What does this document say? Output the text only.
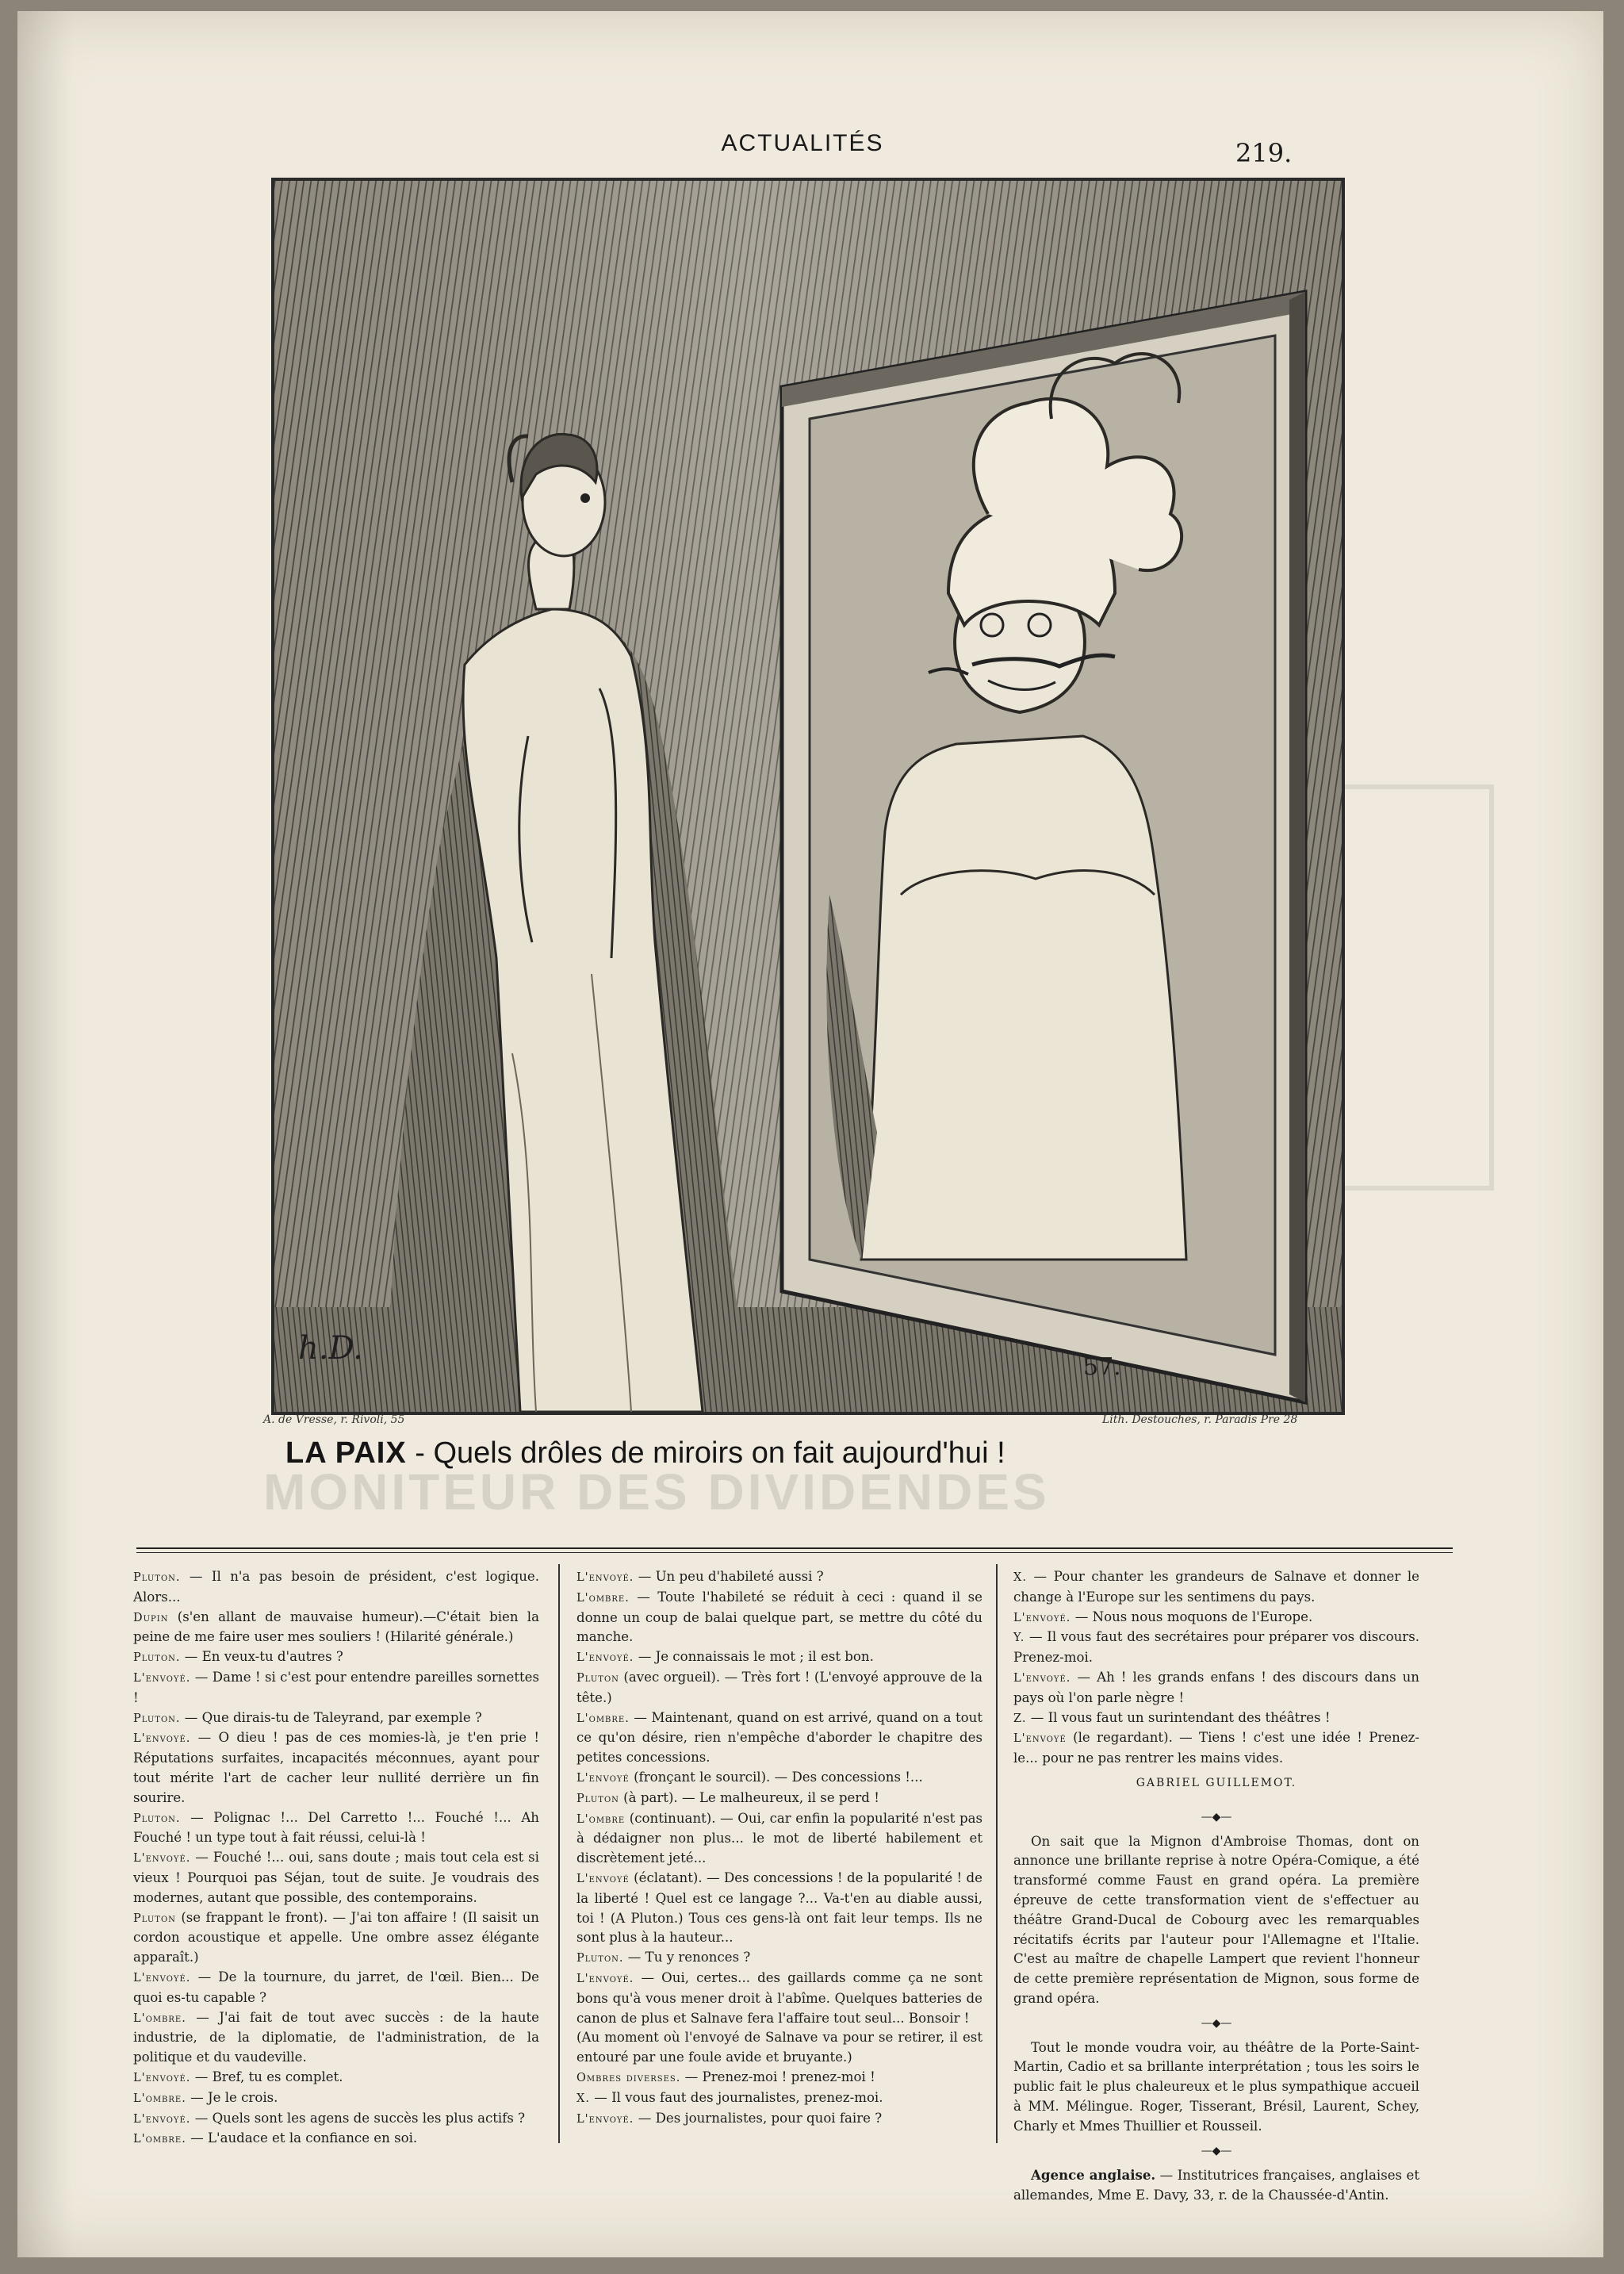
MONITEUR DES DIVIDENDES
ACTUALITÉS	219.
57.
h.D.
A. de Vresse, r. Rivoli, 55	Lith. Destouches, r. Paradis Pre 28
LA PAIX - Quels drôles de miroirs on fait aujourd'hui !
Pluton. — Il n'a pas besoin de président, c'est logique. Alors...
Dupin (s'en allant de mauvaise humeur).—C'était bien la peine de me faire user mes souliers ! (Hilarité générale.)
Pluton. — En veux-tu d'autres ?
L'envoyé. — Dame ! si c'est pour entendre pareilles sornettes !
Pluton. — Que dirais-tu de Taleyrand, par exemple ?
L'envoyé. — O dieu ! pas de ces momies-là, je t'en prie ! Réputations surfaites, incapacités méconnues, ayant pour tout mérite l'art de cacher leur nullité derrière un fin sourire.
Pluton. — Polignac !... Del Carretto !... Fouché !... Ah Fouché ! un type tout à fait réussi, celui-là !
L'envoyé. — Fouché !... oui, sans doute ; mais tout cela est si vieux ! Pourquoi pas Séjan, tout de suite. Je voudrais des modernes, autant que possible, des contemporains.
Pluton (se frappant le front). — J'ai ton affaire ! (Il saisit un cordon acoustique et appelle. Une ombre assez élégante apparaît.)
L'envoyé. — De la tournure, du jarret, de l'œil. Bien... De quoi es-tu capable ?
L'ombre. — J'ai fait de tout avec succès : de la haute industrie, de la diplomatie, de l'administration, de la politique et du vaudeville.
L'envoyé. — Bref, tu es complet.
L'ombre. — Je le crois.
L'envoyé. — Quels sont les agens de succès les plus actifs ?
L'ombre. — L'audace et la confiance en soi.
L'envoyé. — Un peu d'habileté aussi ?
L'ombre. — Toute l'habileté se réduit à ceci : quand il se donne un coup de balai quelque part, se mettre du côté du manche.
L'envoyé. — Je connaissais le mot ; il est bon.
Pluton (avec orgueil). — Très fort ! (L'envoyé approuve de la tête.)
L'ombre. — Maintenant, quand on est arrivé, quand on a tout ce qu'on désire, rien n'empêche d'aborder le chapitre des petites concessions.
L'envoyé (fronçant le sourcil). — Des concessions !...
Pluton (à part). — Le malheureux, il se perd !
L'ombre (continuant). — Oui, car enfin la popularité n'est pas à dédaigner non plus... le mot de liberté habilement et discrètement jeté...
L'envoyé (éclatant). — Des concessions ! de la popularité ! de la liberté ! Quel est ce langage ?... Va-t'en au diable aussi, toi ! (A Pluton.) Tous ces gens-là ont fait leur temps. Ils ne sont plus à la hauteur...
Pluton. — Tu y renonces ?
L'envoyé. — Oui, certes... des gaillards comme ça ne sont bons qu'à vous mener droit à l'abîme. Quelques batteries de canon de plus et Salnave fera l'affaire tout seul... Bonsoir !
(Au moment où l'envoyé de Salnave va pour se retirer, il est entouré par une foule avide et bruyante.)
Ombres diverses. — Prenez-moi ! prenez-moi !
X. — Il vous faut des journalistes, prenez-moi.
L'envoyé. — Des journalistes, pour quoi faire ?
X. — Pour chanter les grandeurs de Salnave et donner le change à l'Europe sur les sentimens du pays.
L'envoyé. — Nous nous moquons de l'Europe.
Y. — Il vous faut des secrétaires pour préparer vos discours. Prenez-moi.
L'envoyé. — Ah ! les grands enfans ! des discours dans un pays où l'on parle nègre !
Z. — Il vous faut un surintendant des théâtres !
L'envoyé (le regardant). — Tiens ! c'est une idée ! Prenez-le... pour ne pas rentrer les mains vides.
GABRIEL GUILLEMOT.
—◆—
On sait que la Mignon d'Ambroise Thomas, dont on annonce une brillante reprise à notre Opéra-Comique, a été transformé comme Faust en grand opéra. La première épreuve de cette transformation vient de s'effectuer au théâtre Grand-Ducal de Cobourg avec les remarquables récitatifs écrits par l'auteur pour l'Allemagne et l'Italie. C'est au maître de chapelle Lampert que revient l'honneur de cette première représentation de Mignon, sous forme de grand opéra.
—◆—
Tout le monde voudra voir, au théâtre de la Porte-Saint-Martin, Cadio et sa brillante interprétation ; tous les soirs le public fait le plus chaleureux et le plus sympathique accueil à MM. Mélingue. Roger, Tisserant, Brésil, Laurent, Schey, Charly et Mmes Thuillier et Rousseil.
—◆—
Agence anglaise. — Institutrices françaises, anglaises et allemandes, Mme E. Davy, 33, r. de la Chaussée-d'Antin.
